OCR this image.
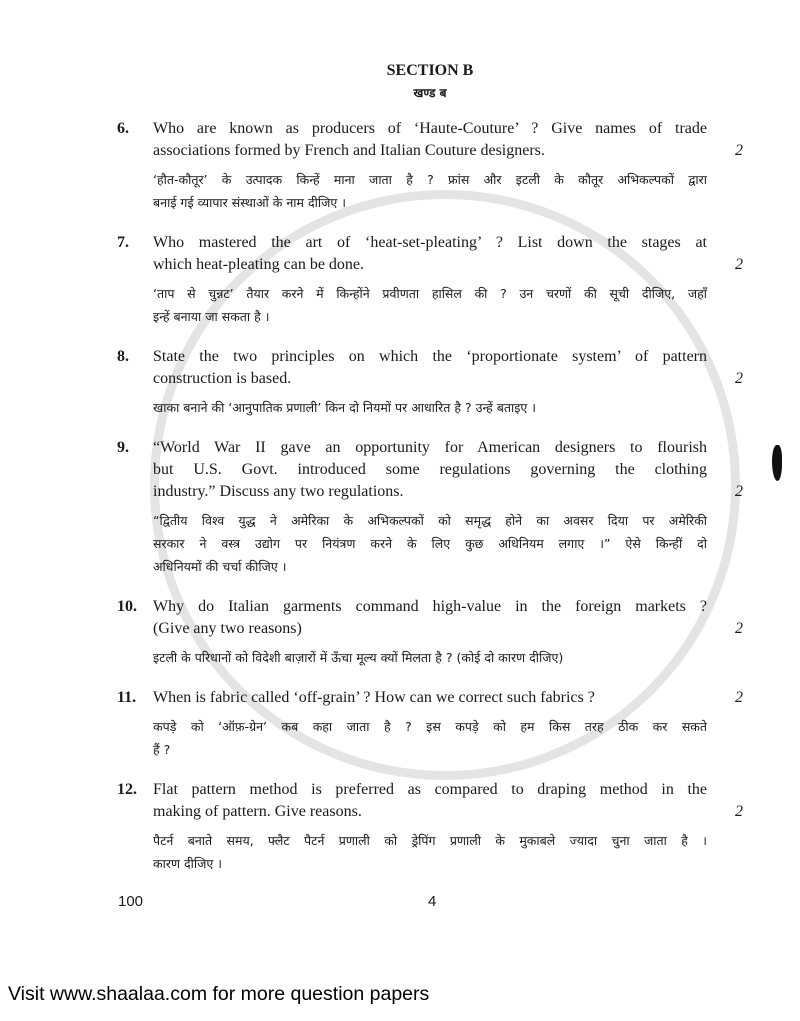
SECTION B
खण्ड ब
6. Who are known as producers of ‘Haute-Couture’ ? Give names of trade
associations formed by French and Italian Couture designers.
‘हौत-कौतूर’ के उत्पादक किन्हें माना जाता है ? फ्रांस और इटली के कौतूर अभिकल्पकों द्वारा
बनाई गई व्यापार संस्थाओं के नाम दीजिए ।
2
7. Who mastered the art of ‘heat-set-pleating’ ? List down the stages at
which heat-pleating can be done.
‘ताप से चुन्नट’ तैयार करने में किन्होंने प्रवीणता हासिल की ? उन चरणों की सूची दीजिए, जहाँ
इन्हें बनाया जा सकता है ।
2
8. State the two principles on which the ‘proportionate system’ of pattern
construction is based.
खाका बनाने की ‘आनुपातिक प्रणाली’ किन दो नियमों पर आधारित है ? उन्हें बताइए ।
2
9. “World War II gave an opportunity for American designers to flourish
but U.S. Govt. introduced some regulations governing the clothing
industry.” Discuss any two regulations.
“द्वितीय विश्व युद्ध ने अमेरिका के अभिकल्पकों को समृद्ध होने का अवसर दिया पर अमेरिकी
सरकार ने वस्त्र उद्योग पर नियंत्रण करने के लिए कुछ अधिनियम लगाए ।” ऐसे किन्हीं दो
अधिनियमों की चर्चा कीजिए ।
2
10. Why do Italian garments command high-value in the foreign markets ?
(Give any two reasons)
इटली के परिधानों को विदेशी बाज़ारों में ऊँचा मूल्य क्यों मिलता है ? (कोई दो कारण दीजिए)
2
11. When is fabric called ‘off-grain’ ? How can we correct such fabrics ?
कपड़े को ‘ऑफ़-ग्रेन’ कब कहा जाता है ? इस कपड़े को हम किस तरह ठीक कर सकते
हैं ?
2
12. Flat pattern method is preferred as compared to draping method in the
making of pattern. Give reasons.
पैटर्न बनाते समय, फ्लैट पैटर्न प्रणाली को ड्रेपिंग प्रणाली के मुकाबले ज्यादा चुना जाता है ।
कारण दीजिए ।
2
100	4
Visit www.shaalaa.com for more question papers
